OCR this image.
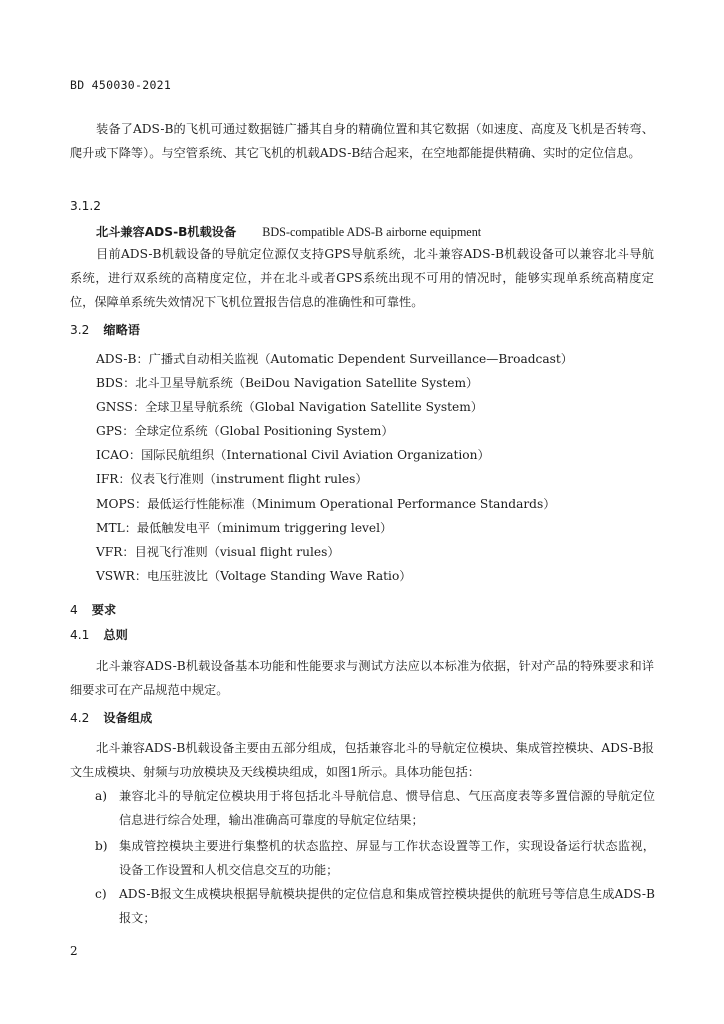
BD 450030-2021

装备了ADS-B的飞机可通过数据链广播其自身的精确位置和其它数据（如速度、高度及飞机是否转弯、爬升或下降等）。与空管系统、其它飞机的机载ADS-B结合起来，在空地都能提供精确、实时的定位信息。

3.1.2

北斗兼容ADS-B机载设备 BDS-compatible ADS-B airborne equipment

目前ADS-B机载设备的导航定位源仅支持GPS导航系统，北斗兼容ADS-B机载设备可以兼容北斗导航系统，进行双系统的高精度定位，并在北斗或者GPS系统出现不可用的情况时，能够实现单系统高精度定位，保障单系统失效情况下飞机位置报告信息的准确性和可靠性。

3.2 缩略语

ADS-B：广播式自动相关监视（Automatic Dependent Surveillance—Broadcast）

BDS：北斗卫星导航系统（BeiDou Navigation Satellite System）

GNSS：全球卫星导航系统（Global Navigation Satellite System）

GPS：全球定位系统（Global Positioning System）

ICAO：国际民航组织（International Civil Aviation Organization）

IFR：仪表飞行准则（instrument flight rules）

MOPS：最低运行性能标准（Minimum Operational Performance Standards）

MTL：最低触发电平（minimum triggering level）

VFR：目视飞行准则（visual flight rules）

VSWR：电压驻波比（Voltage Standing Wave Ratio）

4 要求

4.1 总则

北斗兼容ADS-B机载设备基本功能和性能要求与测试方法应以本标准为依据，针对产品的特殊要求和详细要求可在产品规范中规定。

4.2 设备组成

北斗兼容ADS-B机载设备主要由五部分组成，包括兼容北斗的导航定位模块、集成管控模块、ADS-B报文生成模块、射频与功放模块及天线模块组成，如图1所示。具体功能包括：

a) 兼容北斗的导航定位模块用于将包括北斗导航信息、惯导信息、气压高度表等多置信源的导航定位信息进行综合处理，输出准确高可靠度的导航定位结果；
b) 集成管控模块主要进行集整机的状态监控、屏显与工作状态设置等工作，实现设备运行状态监视，设备工作设置和人机交信息交互的功能；
c)	ADS-B报文生成模块根据导航模块提供的定位信息和集成管控模块提供的航班号等信息生成ADS-B报文；
2
